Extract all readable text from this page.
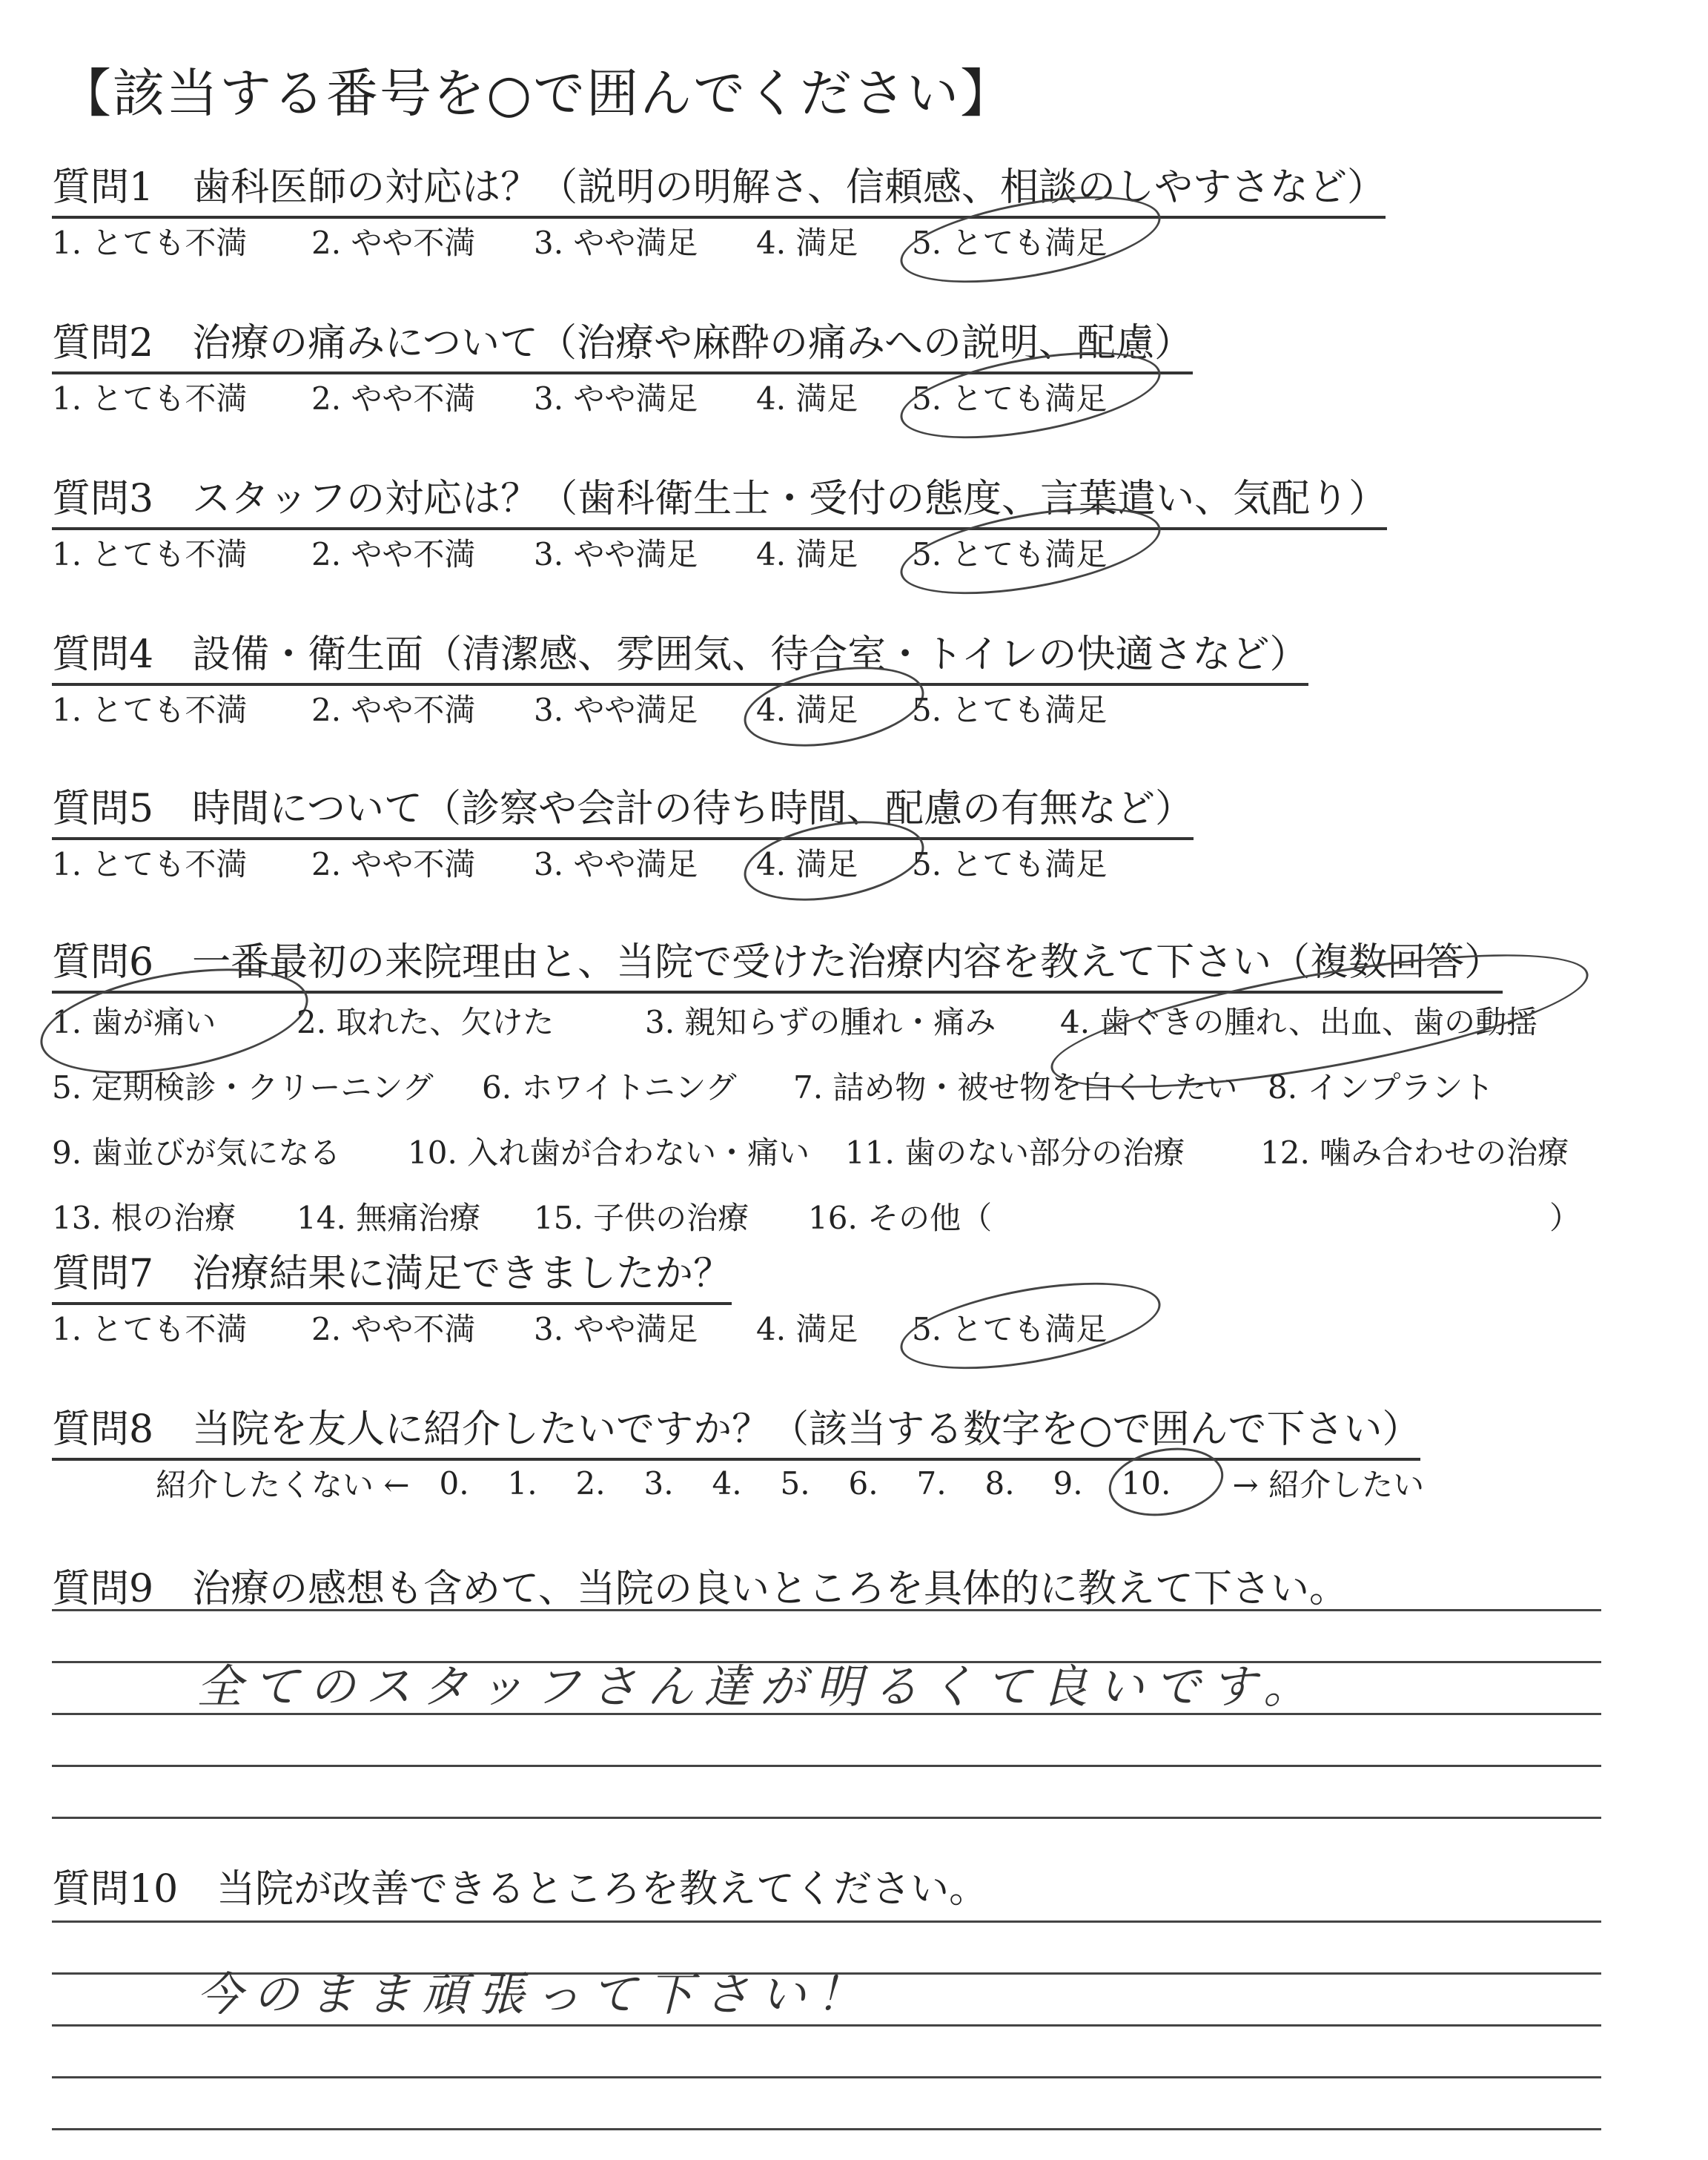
【該当する番号を○で囲んでください】
質問1　歯科医師の対応は？（説明の明解さ、信頼感、相談のしやすさなど）
1. とても不満	2. やや不満	3. やや満足	4. 満足	5. とても満足
質問2　治療の痛みについて（治療や麻酔の痛みへの説明、配慮）
1. とても不満	2. やや不満	3. やや満足	4. 満足	5. とても満足
質問3　スタッフの対応は？（歯科衛生士・受付の態度、言葉遣い、気配り）
1. とても不満	2. やや不満	3. やや満足	4. 満足	5. とても満足
質問4　設備・衛生面（清潔感、雰囲気、待合室・トイレの快適さなど）
1. とても不満	2. やや不満	3. やや満足	4. 満足	5. とても満足
質問5　時間について（診察や会計の待ち時間、配慮の有無など）
1. とても不満	2. やや不満	3. やや満足	4. 満足	5. とても満足
質問6　一番最初の来院理由と、当院で受けた治療内容を教えて下さい（複数回答）
1. 歯が痛い	2. 取れた、欠けた	3. 親知らずの腫れ・痛み	4. 歯ぐきの腫れ、出血、歯の動揺
5. 定期検診・クリーニング	6. ホワイトニング	7. 詰め物・被せ物を白くしたい 8. インプラント
9. 歯並びが気になる	10. 入れ歯が合わない・痛い	11. 歯のない部分の治療	12. 噛み合わせの治療
13. 根の治療	14. 無痛治療	15. 子供の治療	16. その他（	）
質問7　治療結果に満足できましたか？
1. とても不満	2. やや不満	3. やや満足	4. 満足	5. とても満足
質問8　当院を友人に紹介したいですか？（該当する数字を○で囲んで下さい）
紹介したくない ← 0.	1.	2.	3.	4.	5.	6.	7.	8.	9.	10.	→ 紹介したい
質問9　治療の感想も含めて、当院の良いところを具体的に教えて下さい。
全てのスタッフさん達が明るくて良いです。
質問10　当院が改善できるところを教えてください。
今のまま頑張って下さい！
